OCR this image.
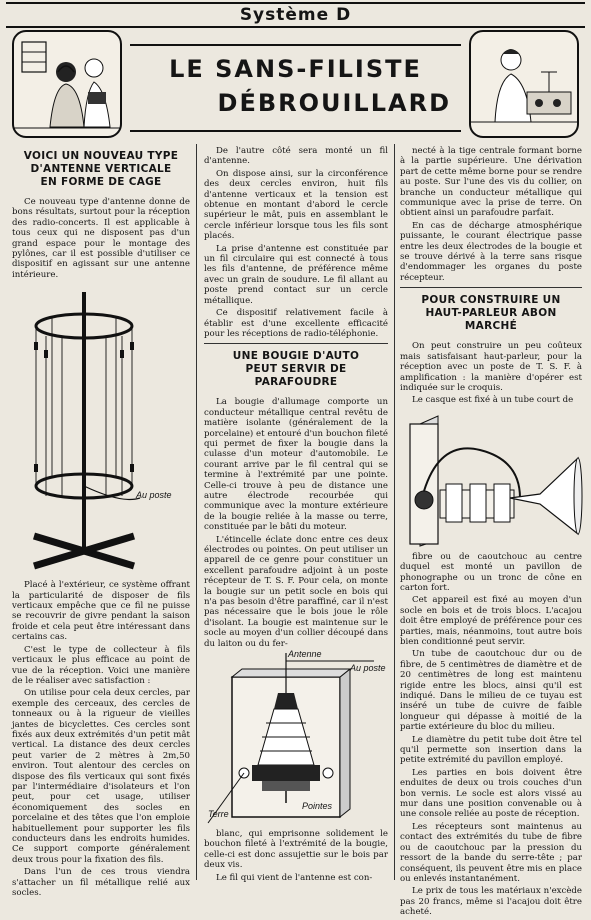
Système D
LE SANS-FILISTE
DÉBROUILLARD
VOICI UN NOUVEAU TYPE
D'ANTENNE VERTICALE
EN FORME DE CAGE

Ce nouveau type d'antenne donne de bons résultats, surtout pour la réception des radio-concerts. Il est applicable à tous ceux qui ne disposent pas d'un grand espace pour le montage des pylônes, car il est possible d'utiliser ce dispositif en agissant sur une antenne intérieure.

Au poste

Placé à l'extérieur, ce système offrant la particularité de disposer de fils verticaux empêche que ce fil ne puisse se recouvrir de givre pendant la saison froide et cela peut être intéressant dans certains cas.

C'est le type de collecteur à fils verticaux le plus efficace au point de vue de la réception. Voici une manière de le réaliser avec satisfaction :

On utilise pour cela deux cercles, par exemple des cerceaux, des cercles de tonneaux ou à la rigueur de vieilles jantes de bicyclettes. Ces cercles sont fixés aux deux extrémités d'un petit mât vertical. La distance des deux cercles peut varier de 2 mètres à 2m,50 environ. Tout alentour des cercles on dispose des fils verticaux qui sont fixés par l'intermédiaire d'isolateurs et l'on peut, pour cet usage, utiliser économiquement des socles en porcelaine et des têtes que l'on emploie habituellement pour supporter les fils conducteurs dans les endroits humides. Ce support comporte généralement deux trous pour la fixation des fils.

Dans l'un de ces trous viendra s'attacher un fil métallique relié aux socles.

De l'autre côté sera monté un fil d'antenne.

On dispose ainsi, sur la circonférence des deux cercles environ, huit fils d'antenne verticaux et la tension est obtenue en montant d'abord le cercle supérieur le mât, puis en assemblant le cercle inférieur lorsque tous les fils sont placés.

La prise d'antenne est constituée par un fil circulaire qui est connecté à tous les fils d'antenne, de préférence même avec un grain de soudure. Le fil allant au poste prend contact sur un cercle métallique.

Ce dispositif relativement facile à établir est d'une excellente efficacité pour les réceptions de radio-téléphonie.

UNE BOUGIE D'AUTO
PEUT SERVIR DE PARAFOUDRE

La bougie d'allumage comporte un conducteur métallique central revêtu de matière isolante (généralement de la porcelaine) et entouré d'un bouchon fileté qui permet de fixer la bougie dans la culasse d'un moteur d'automobile. Le courant arrive par le fil central qui se termine à l'extrémité par une pointe. Celle-ci trouve à peu de distance une autre électrode recourbée qui communique avec la monture extérieure de la bougie reliée à la masse ou terre, constituée par le bâti du moteur.

L'étincelle éclate donc entre ces deux électrodes ou pointes. On peut utiliser un appareil de ce genre pour constituer un excellent parafoudre adjoint à un poste récepteur de T. S. F. Pour cela, on monte la bougie sur un petit socle en bois qui n'a pas besoin d'être paraffiné, car il n'est pas nécessaire que le bois joue le rôle d'isolant. La bougie est maintenue sur le socle au moyen d'un collier découpé dans du laiton ou du fer-

Antenne
Au poste
Terre
Pointes

blanc, qui emprisonne solidement le bouchon fileté à l'extrémité de la bougie, celle-ci est donc assujettie sur le bois par deux vis.

Le fil qui vient de l'antenne est con-

necté à la tige centrale formant borne à la partie supérieure. Une dérivation part de cette même borne pour se rendre au poste. Sur l'une des vis du collier, on branche un conducteur métallique qui communique avec la prise de terre. On obtient ainsi un parafoudre parfait.

En cas de décharge atmosphérique puissante, le courant électrique passe entre les deux électrodes de la bougie et se trouve dérivé à la terre sans risque d'endommager les organes du poste récepteur.

POUR CONSTRUIRE UN
HAUT-PARLEUR ABON MARCHÉ

On peut construire un peu coûteux mais satisfaisant haut-parleur, pour la réception avec un poste de T. S. F. à amplification : la manière d'opérer est indiquée sur le croquis.

Le casque est fixé à un tube court de

fibre ou de caoutchouc au centre duquel est monté un pavillon de phonographe ou un tronc de cône en carton fort.

Cet appareil est fixé au moyen d'un socle en bois et de trois blocs. L'acajou doit être employé de préférence pour ces parties, mais, néanmoins, tout autre bois bien conditionné peut servir.

Un tube de caoutchouc dur ou de fibre, de 5 centimètres de diamètre et de 20 centimètres de long est maintenu rigide entre les blocs, ainsi qu'il est indiqué. Dans le milieu de ce tuyau est inséré un tube de cuivre de faible longueur qui dépasse à moitié de la partie extérieure du bloc du milieu.

Le diamètre du petit tube doit être tel qu'il permette son insertion dans la petite extrémité du pavillon employé.

Les parties en bois doivent être enduites de deux ou trois couches d'un bon vernis. Le socle est alors vissé au mur dans une position convenable ou à une console reliée au poste de réception.

Les récepteurs sont maintenus au contact des extrémités du tube de fibre ou de caoutchouc par la pression du ressort de la bande du serre-tête ; par conséquent, ils peuvent être mis en place ou enlevés instantanément.

Le prix de tous les matériaux n'excède pas 20 francs, même si l'acajou doit être acheté.
